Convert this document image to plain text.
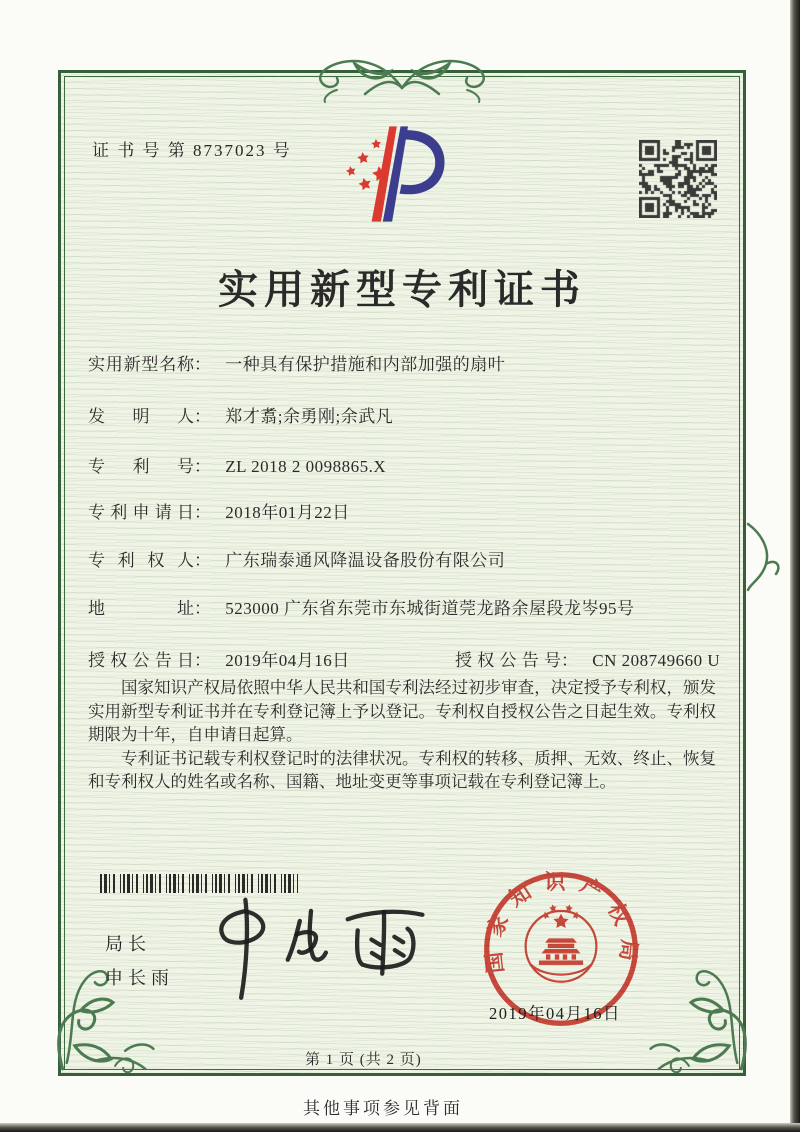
证 书 号 第 8737023 号
实用新型专利证书
实用新型名称： 一种具有保护措施和内部加强的扇叶
发明人： 郑才翥;余勇刚;余武凡
专利号： ZL 2018 2 0098865.X
专利申请日： 2018年01月22日
专利权人： 广东瑞泰通风降温设备股份有限公司
地址： 523000 广东省东莞市东城街道莞龙路余屋段龙岑95号
授权公告日： 2019年04月16日	授权公告号： CN 208749660 U

国家知识产权局依照中华人民共和国专利法经过初步审查，决定授予专利权，颁发实用新型专利证书并在专利登记簿上予以登记。专利权自授权公告之日起生效。专利权期限为十年，自申请日起算。

专利证书记载专利权登记时的法律状况。专利权的转移、质押、无效、终止、恢复和专利权人的姓名或名称、国籍、地址变更等事项记载在专利登记簿上。

局长
申长雨
国家知识产权局
2019年04月16日
第 1 页 (共 2 页)
其他事项参见背面
